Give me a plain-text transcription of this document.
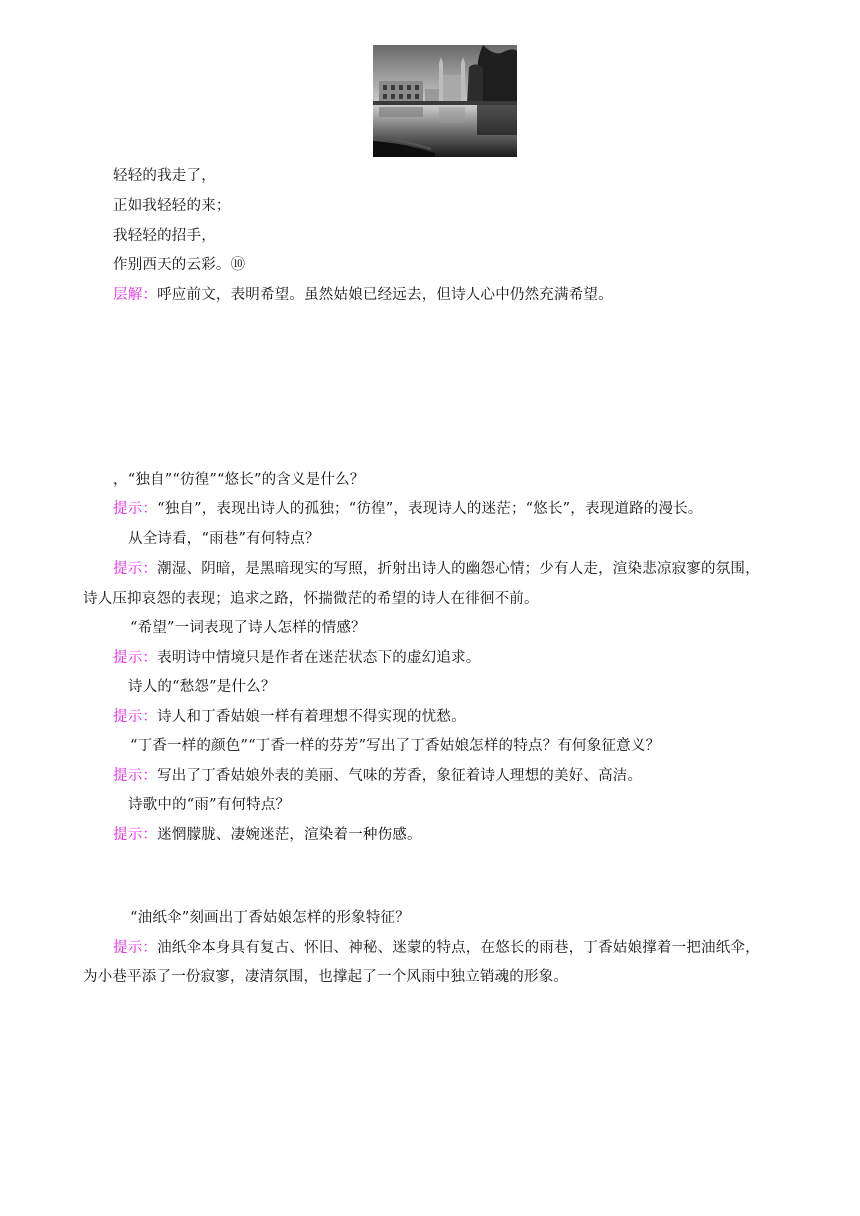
轻轻的我走了，
正如我轻轻的来；
我轻轻的招手，
作别西天的云彩。⑩
层解：呼应前文，表明希望。虽然姑娘已经远去，但诗人心中仍然充满希望。
，“独自”“彷徨”“悠长”的含义是什么？
提示：“独自”，表现出诗人的孤独；“彷徨”，表现诗人的迷茫；“悠长”，表现道路的漫长。
从全诗看，“雨巷”有何特点？
提示：潮湿、阴暗，是黑暗现实的写照，折射出诗人的幽怨心情；少有人走，渲染悲凉寂寥的氛围，
诗人压抑哀怨的表现；追求之路，怀揣微茫的希望的诗人在徘徊不前。
“希望”一词表现了诗人怎样的情感？
提示：表明诗中情境只是作者在迷茫状态下的虚幻追求。
诗人的“愁怨”是什么？
提示：诗人和丁香姑娘一样有着理想不得实现的忧愁。
“丁香一样的颜色”“丁香一样的芬芳”写出了丁香姑娘怎样的特点？有何象征意义？
提示：写出了丁香姑娘外表的美丽、气味的芳香，象征着诗人理想的美好、高洁。
诗歌中的“雨”有何特点？
提示：迷惘朦胧、凄婉迷茫，渲染着一种伤感。
“油纸伞”刻画出丁香姑娘怎样的形象特征？
提示：油纸伞本身具有复古、怀旧、神秘、迷蒙的特点，在悠长的雨巷，丁香姑娘撑着一把油纸伞，
为小巷平添了一份寂寥，凄清氛围，也撑起了一个风雨中独立销魂的形象。
